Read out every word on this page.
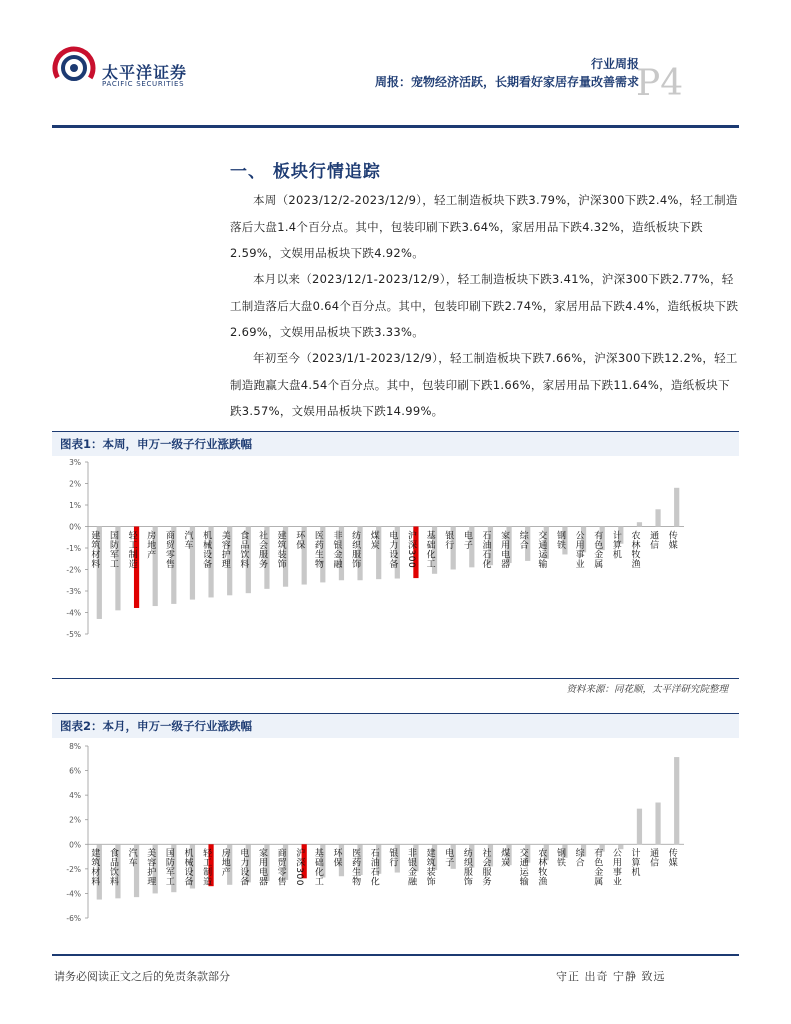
太平洋证券
PACIFIC SECURITIES
行业周报
周报：宠物经济活跃，长期看好家居存量改善需求
P4
一、 板块行情追踪
本周（2023/12/2-2023/12/9），轻工制造板块下跌3.79%，沪深300下跌2.4%，轻工制造落后大盘1.4个百分点。其中，包装印刷下跌3.64%，家居用品下跌4.32%，造纸板块下跌2.59%，文娱用品板块下跌4.92%。
本月以来（2023/12/1-2023/12/9），轻工制造板块下跌3.41%，沪深300下跌2.77%，轻工制造落后大盘0.64个百分点。其中，包装印刷下跌2.74%，家居用品下跌4.4%，造纸板块下跌2.69%，文娱用品板块下跌3.33%。
年初至今（2023/1/1-2023/12/9），轻工制造板块下跌7.66%，沪深300下跌12.2%，轻工制造跑赢大盘4.54个百分点。其中，包装印刷下跌1.66%，家居用品下跌11.64%，造纸板块下跌3.57%，文娱用品板块下跌14.99%。
图表1：本周，申万一级子行业涨跌幅
3%
2%
1%
0%
-1%
-2%
-3%
-4%
-5%
建筑材料 国防军工 轻工制造 房地产 商贸零售 汽车 机械设备 美容护理 食品饮料 社会服务 建筑装饰 环保 医药生物 非银金融 纺织服饰 煤炭 电力设备 沪深300 基础化工 银行 电子 石油石化 家用电器 综合 交通运输 钢铁 公用事业 有色金属 计算机 农林牧渔 通信 传媒
资料来源：同花顺，太平洋研究院整理
图表2：本月，申万一级子行业涨跌幅
8%
6%
4%
2%
0%
-2%
-4%
-6%
建筑材料 食品饮料 汽车 美容护理 国防军工 机械设备 轻工制造 房地产 电力设备 家用电器 商贸零售 沪深300 基础化工 环保 医药生物 石油石化 银行 非银金融 建筑装饰 电子 纺织服饰 社会服务 煤炭 交通运输 农林牧渔 钢铁 综合 有色金属 公用事业 计算机 通信 传媒
请务必阅读正文之后的免责条款部分	守正 出奇 宁静 致远
